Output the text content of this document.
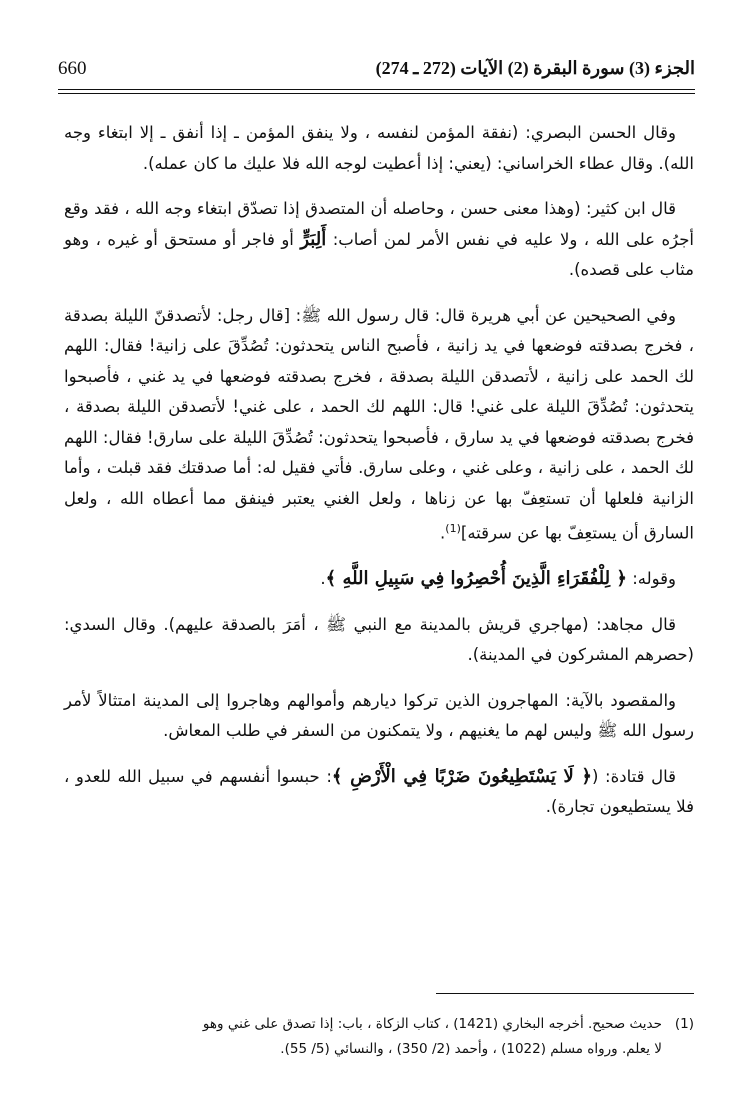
660	الجزء (3) سورة البقرة (2) الآيات (272 ـ 274)

وقال الحسن البصري: (نفقة المؤمن لنفسه ، ولا ينفق المؤمن ـ إذا أنفق ـ إلا ابتغاء وجه الله). وقال عطاء الخراساني: (يعني: إذا أعطيت لوجه الله فلا عليك ما كان عمله).

قال ابن كثير: (وهذا معنى حسن ، وحاصله أن المتصدق إذا تصدّق ابتغاء وجه الله ، فقد وقع أجرُه على الله ، ولا عليه في نفس الأمر لمن أصاب: أَلِبَرٍّ أو فاجر أو مستحق أو غيره ، وهو مثاب على قصده).

وفي الصحيحين عن أبي هريرة قال: قال رسول الله ﷺ: [قال رجل: لأتصدقنّ الليلة بصدقة ، فخرج بصدقته فوضعها في يد زانية ، فأصبح الناس يتحدثون: تُصُدِّقَ على زانية! فقال: اللهم لك الحمد على زانية ، لأتصدقن الليلة بصدقة ، فخرج بصدقته فوضعها في يد غني ، فأصبحوا يتحدثون: تُصُدِّقَ الليلة على غني! قال: اللهم لك الحمد ، على غني! لأتصدقن الليلة بصدقة ، فخرج بصدقته فوضعها في يد سارق ، فأصبحوا يتحدثون: تُصُدِّقَ الليلة على سارق! فقال: اللهم لك الحمد ، على زانية ، وعلى غني ، وعلى سارق. فأتي فقيل له: أما صدقتك فقد قبلت ، وأما الزانية فلعلها أن تستعِفّ بها عن زناها ، ولعل الغني يعتبر فينفق مما أعطاه الله ، ولعل السارق أن يستعِفّ بها عن سرقته]$^{(1)}$.

وقوله: ﴿ لِلْفُقَرَاءِ الَّذِينَ أُحْصِرُوا فِي سَبِيلِ اللَّهِ ﴾.

قال مجاهد: (مهاجري قريش بالمدينة مع النبي ﷺ ، أمَرَ بالصدقة عليهم). وقال السدي: (حصرهم المشركون في المدينة).

والمقصود بالآية: المهاجرون الذين تركوا ديارهم وأموالهم وهاجروا إلى المدينة امتثالاً لأمر رسول الله ﷺ وليس لهم ما يغنيهم ، ولا يتمكنون من السفر في طلب المعاش.

قال قتادة: (﴿ لَا يَسْتَطِيعُونَ ضَرْبًا فِي الْأَرْضِ ﴾: حبسوا أنفسهم في سبيل الله للعدو ، فلا يستطيعون تجارة).

(1)حديث صحيح. أخرجه البخاري (1421) ، كتاب الزكاة ، باب: إذا تصدق على غني وهو
لا يعلم. ورواه مسلم (1022) ، وأحمد (2/ 350) ، والنسائي (5/ 55).
